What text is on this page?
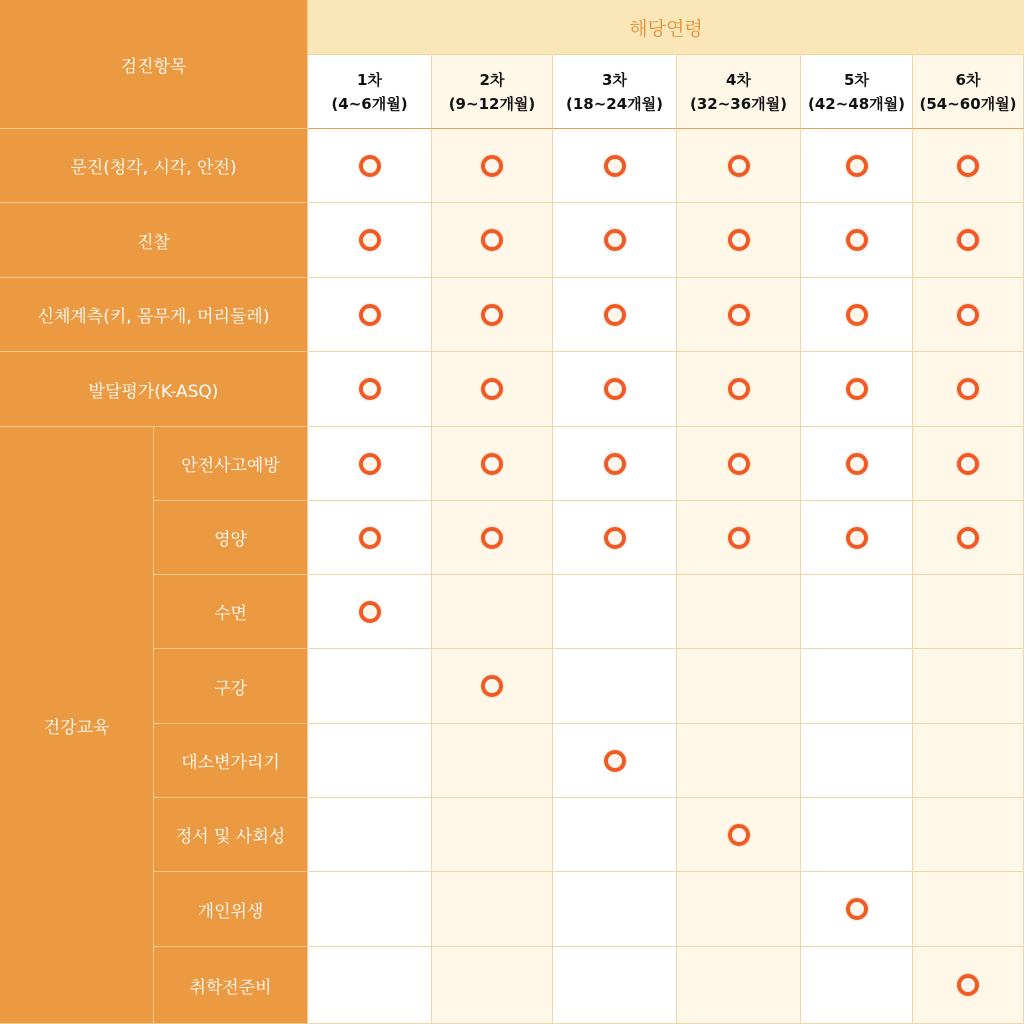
검진항목
해당연령
1차
(4~6개월)
2차
(9~12개월)
3차
(18~24개월)
4차
(32~36개월)
5차
(42~48개월)
6차
(54~60개월)
문진(청각, 시각, 안전)
진찰
신체계측(키, 몸무게, 머리둘레)
발달평가(K-ASQ)
건강교육
안전사고예방
영양
수면
구강
대소변가리기
정서 및 사회성
개인위생
취학전준비
